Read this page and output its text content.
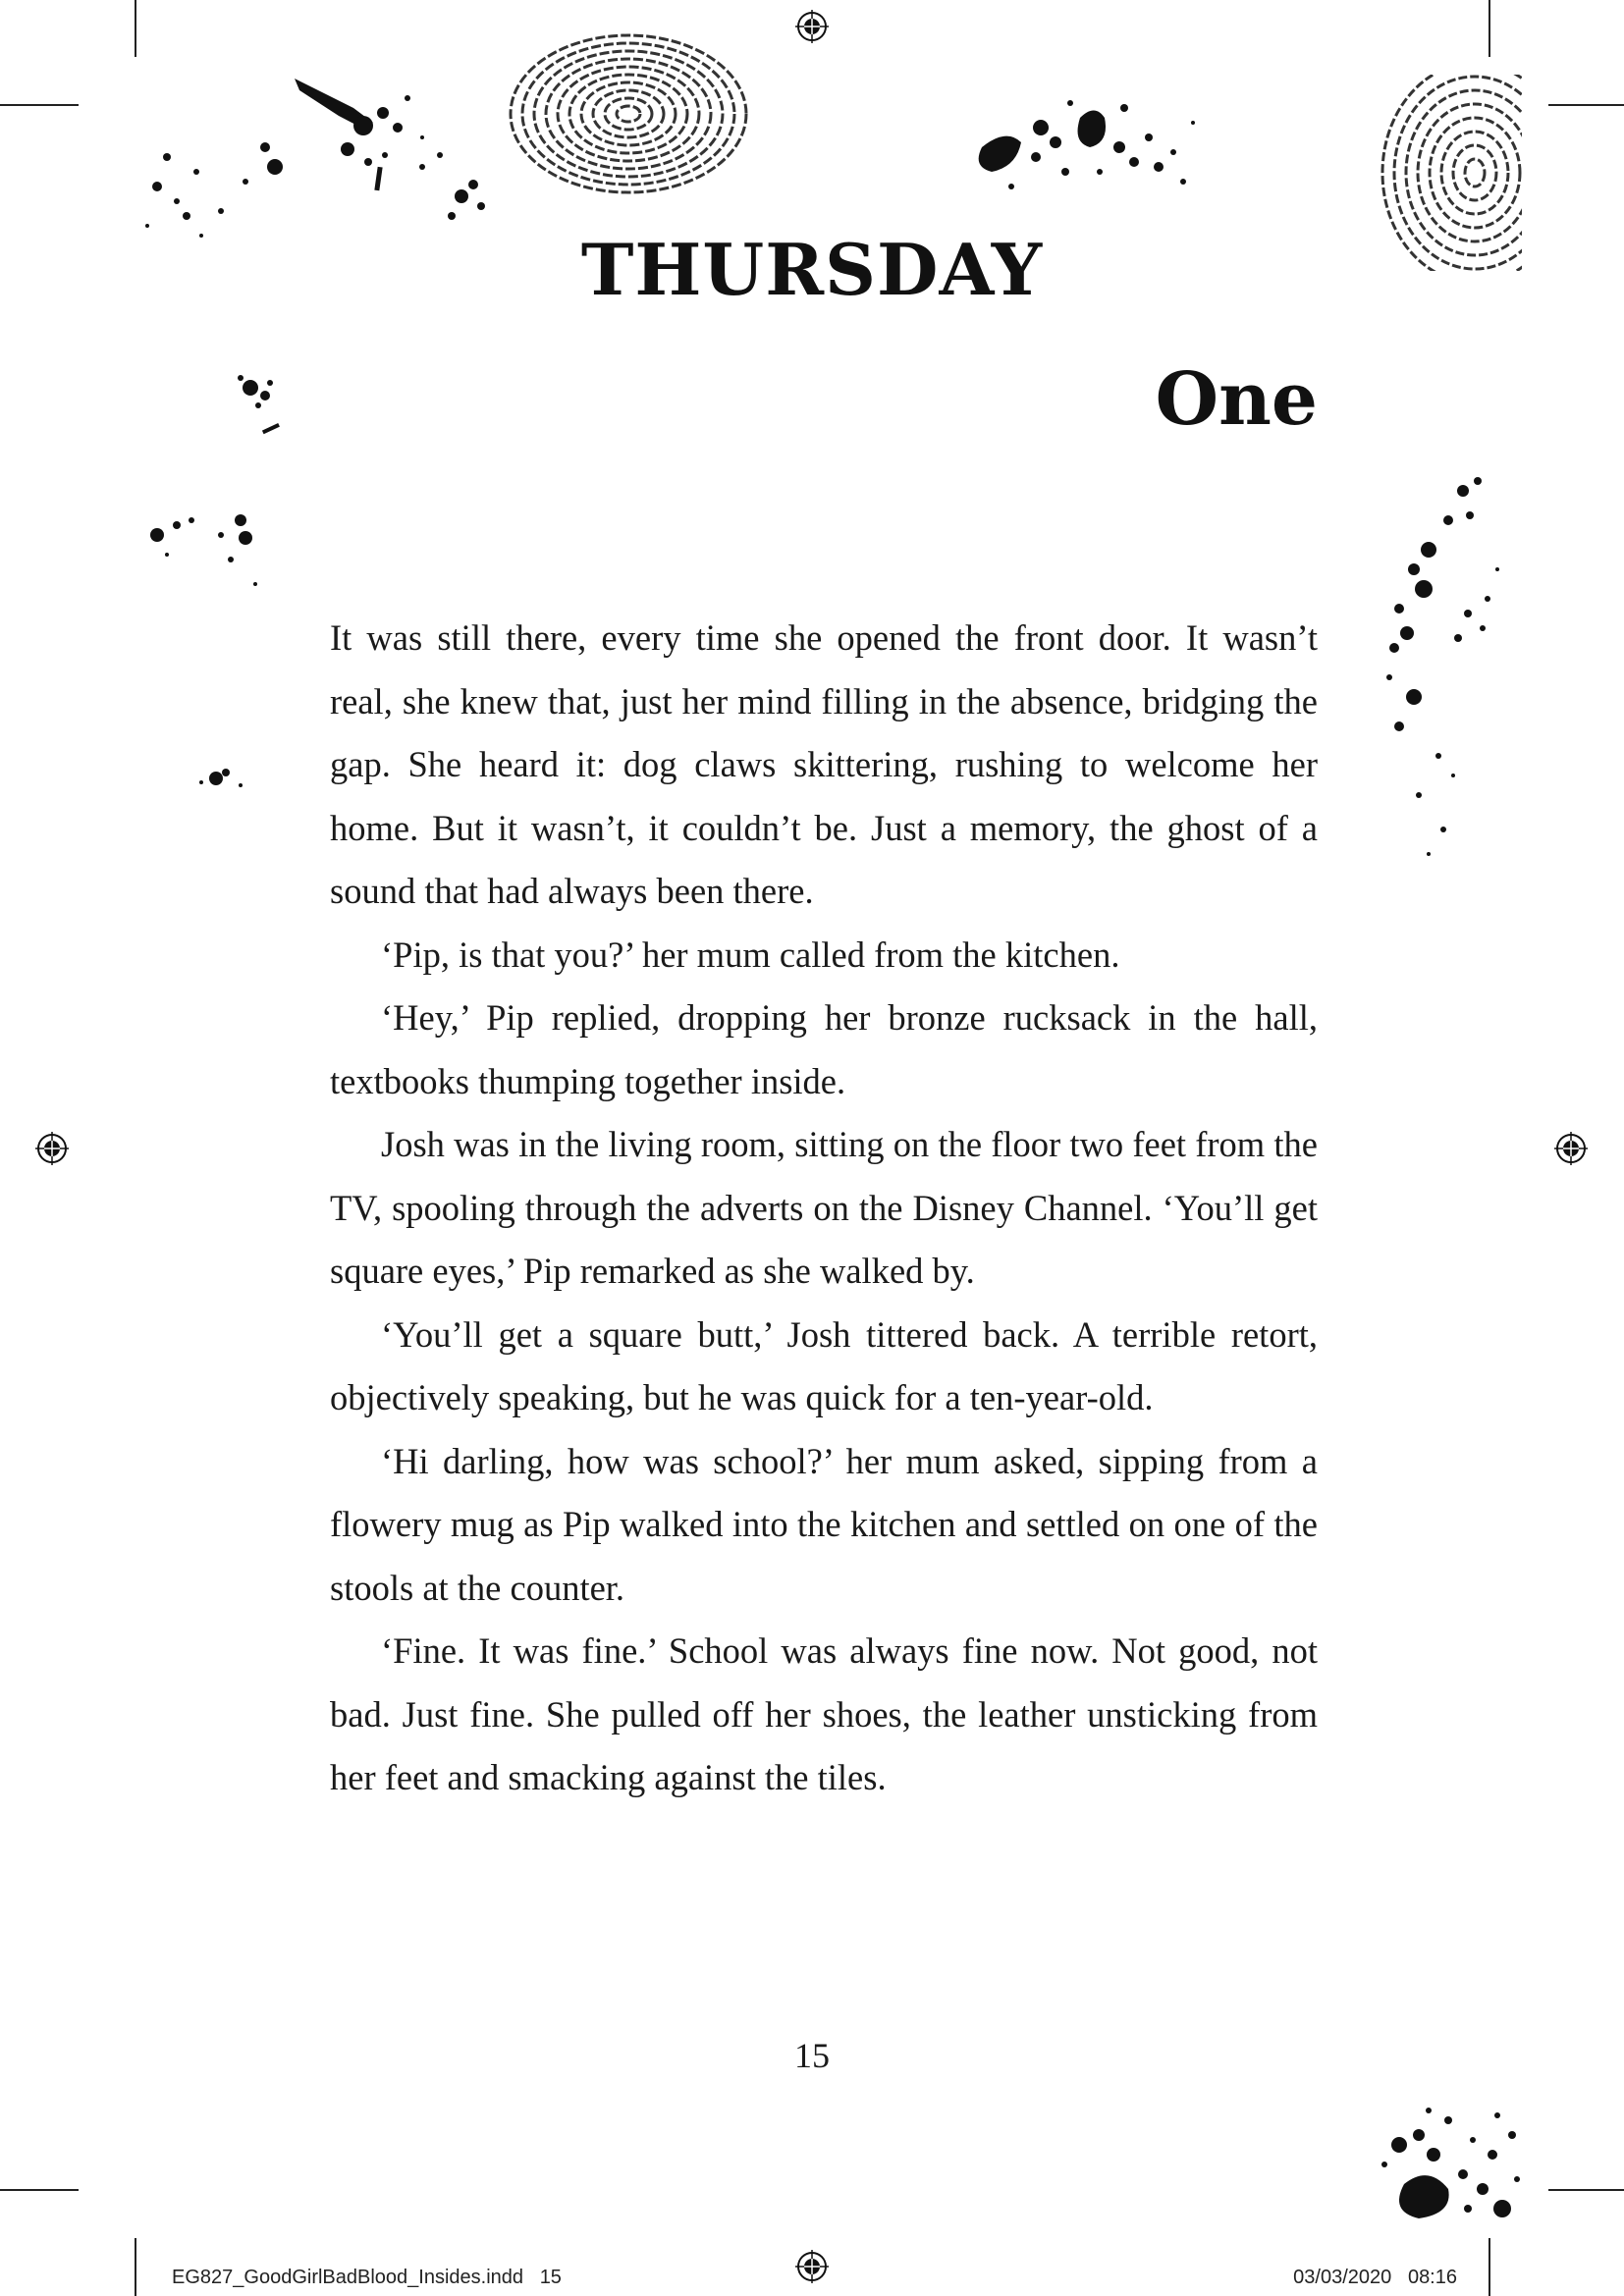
THURSDAY
One

It was still there, every time she opened the front door. It wasn’t real, she knew that, just her mind filling in the absence, bridging the gap. She heard it: dog claws skittering, rushing to welcome her home. But it wasn’t, it couldn’t be. Just a memory, the ghost of a sound that had always been there.

‘Pip, is that you?’ her mum called from the kitchen.

‘Hey,’ Pip replied, dropping her bronze rucksack in the hall, textbooks thumping together inside.

Josh was in the living room, sitting on the floor two feet from the TV, spooling through the adverts on the Disney Channel. ‘You’ll get square eyes,’ Pip remarked as she walked by.

‘You’ll get a square butt,’ Josh tittered back. A terrible retort, objectively speaking, but he was quick for a ten-year-old.

‘Hi darling, how was school?’ her mum asked, sipping from a flowery mug as Pip walked into the kitchen and settled on one of the stools at the counter.

‘Fine. It was fine.’ School was always fine now. Not good, not bad. Just fine. She pulled off her shoes, the leather unsticking from her feet and smacking against the tiles.

15
EG827_GoodGirlBadBlood_Insides.indd   15	03/03/2020   08:16
